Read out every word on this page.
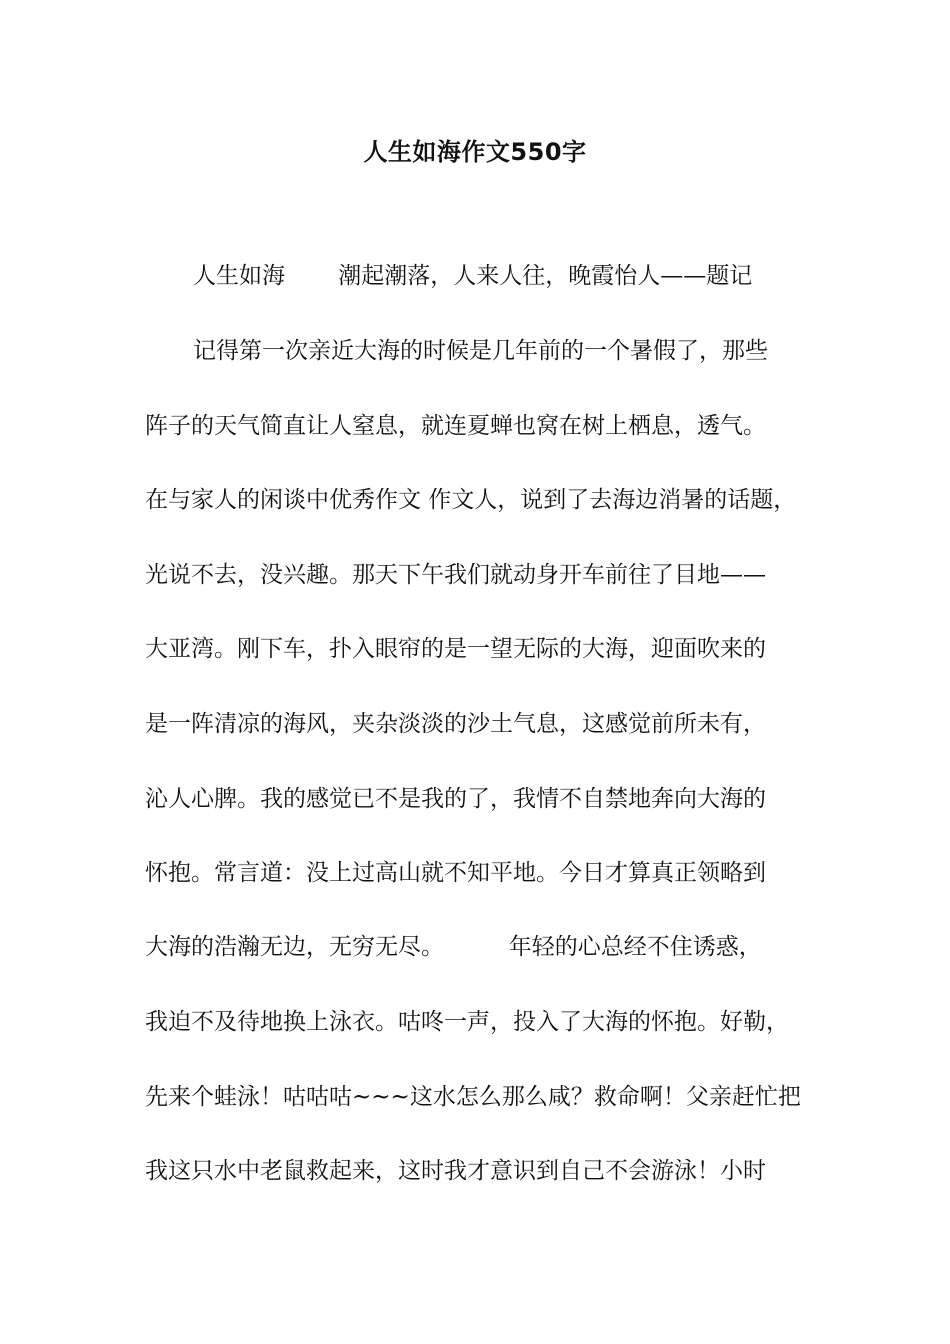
人生如海作文550字
人生如海　　 潮起潮落，人来人往，晚霞怡人——题记
记得第一次亲近大海的时候是几年前的一个暑假了，那些
阵子的天气简直让人窒息，就连夏蝉也窝在树上栖息，透气。
在与家人的闲谈中优秀作文 作文人，说到了去海边消暑的话题，
光说不去，没兴趣。那天下午我们就动身开车前往了目地——
大亚湾。刚下车，扑入眼帘的是一望无际的大海，迎面吹来的
是一阵清凉的海风，夹杂淡淡的沙土气息，这感觉前所未有，
沁人心脾。我的感觉已不是我的了，我情不自禁地奔向大海的
怀抱。常言道：没上过高山就不知平地。今日才算真正领略到
大海的浩瀚无边，无穷无尽。　　　 年轻的心总经不住诱惑，
我迫不及待地换上泳衣。咕咚一声，投入了大海的怀抱。好勒，
先来个蛙泳！咕咕咕~~~这水怎么那么咸？救命啊！父亲赶忙把
我这只水中老鼠救起来，这时我才意识到自己不会游泳！小时
